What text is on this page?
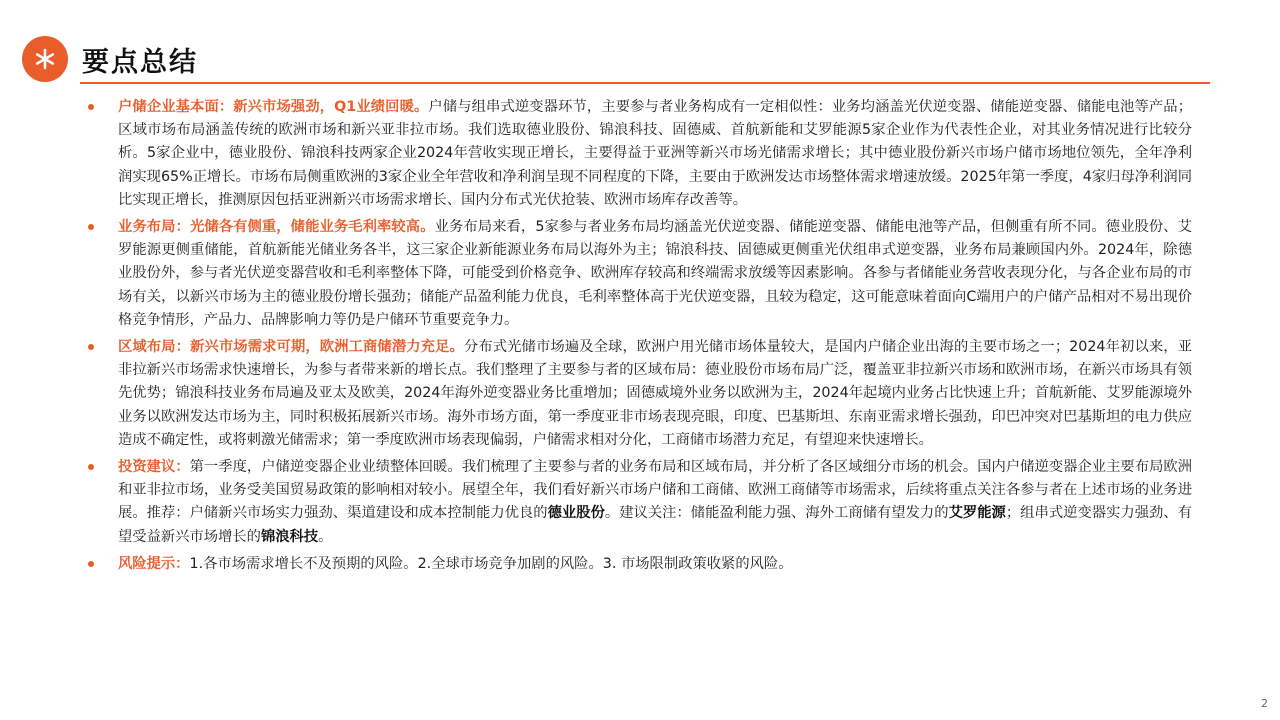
要点总结
户储企业基本面：新兴市场强劲，Q1业绩回暖。户储与组串式逆变器环节，主要参与者业务构成有一定相似性：业务均涵盖光伏逆变器、储能逆变器、储能电池等产品；区域市场布局涵盖传统的欧洲市场和新兴亚非拉市场。我们选取德业股份、锦浪科技、固德威、首航新能和艾罗能源5家企业作为代表性企业，对其业务情况进行比较分析。5家企业中，德业股份、锦浪科技两家企业2024年营收实现正增长，主要得益于亚洲等新兴市场光储需求增长；其中德业股份新兴市场户储市场地位领先，全年净利润实现65%正增长。市场布局侧重欧洲的3家企业全年营收和净利润呈现不同程度的下降，主要由于欧洲发达市场整体需求增速放缓。2025年第一季度，4家归母净利润同比实现正增长，推测原因包括亚洲新兴市场需求增长、国内分布式光伏抢装、欧洲市场库存改善等。
业务布局：光储各有侧重，储能业务毛利率较高。业务布局来看，5家参与者业务布局均涵盖光伏逆变器、储能逆变器、储能电池等产品，但侧重有所不同。德业股份、艾罗能源更侧重储能，首航新能光储业务各半，这三家企业新能源业务布局以海外为主；锦浪科技、固德威更侧重光伏组串式逆变器，业务布局兼顾国内外。2024年，除德业股份外，参与者光伏逆变器营收和毛利率整体下降，可能受到价格竞争、欧洲库存较高和终端需求放缓等因素影响。各参与者储能业务营收表现分化，与各企业布局的市场有关，以新兴市场为主的德业股份增长强劲；储能产品盈利能力优良，毛利率整体高于光伏逆变器，且较为稳定，这可能意味着面向C端用户的户储产品相对不易出现价格竞争情形，产品力、品牌影响力等仍是户储环节重要竞争力。
区域布局：新兴市场需求可期，欧洲工商储潜力充足。分布式光储市场遍及全球，欧洲户用光储市场体量较大，是国内户储企业出海的主要市场之一；2024年初以来，亚非拉新兴市场需求快速增长，为参与者带来新的增长点。我们整理了主要参与者的区域布局：德业股份市场布局广泛，覆盖亚非拉新兴市场和欧洲市场，在新兴市场具有领先优势；锦浪科技业务布局遍及亚太及欧美，2024年海外逆变器业务比重增加；固德威境外业务以欧洲为主，2024年起境内业务占比快速上升；首航新能、艾罗能源境外业务以欧洲发达市场为主，同时积极拓展新兴市场。海外市场方面，第一季度亚非市场表现亮眼，印度、巴基斯坦、东南亚需求增长强劲，印巴冲突对巴基斯坦的电力供应造成不确定性，或将刺激光储需求；第一季度欧洲市场表现偏弱，户储需求相对分化，工商储市场潜力充足，有望迎来快速增长。
投资建议：第一季度，户储逆变器企业业绩整体回暖。我们梳理了主要参与者的业务布局和区域布局，并分析了各区域细分市场的机会。国内户储逆变器企业主要布局欧洲和亚非拉市场，业务受美国贸易政策的影响相对较小。展望全年，我们看好新兴市场户储和工商储、欧洲工商储等市场需求，后续将重点关注各参与者在上述市场的业务进展。推荐：户储新兴市场实力强劲、渠道建设和成本控制能力优良的德业股份。建议关注：储能盈利能力强、海外工商储有望发力的艾罗能源；组串式逆变器实力强劲、有望受益新兴市场增长的锦浪科技。
风险提示：1.各市场需求增长不及预期的风险。2.全球市场竞争加剧的风险。3. 市场限制政策收紧的风险。
2
